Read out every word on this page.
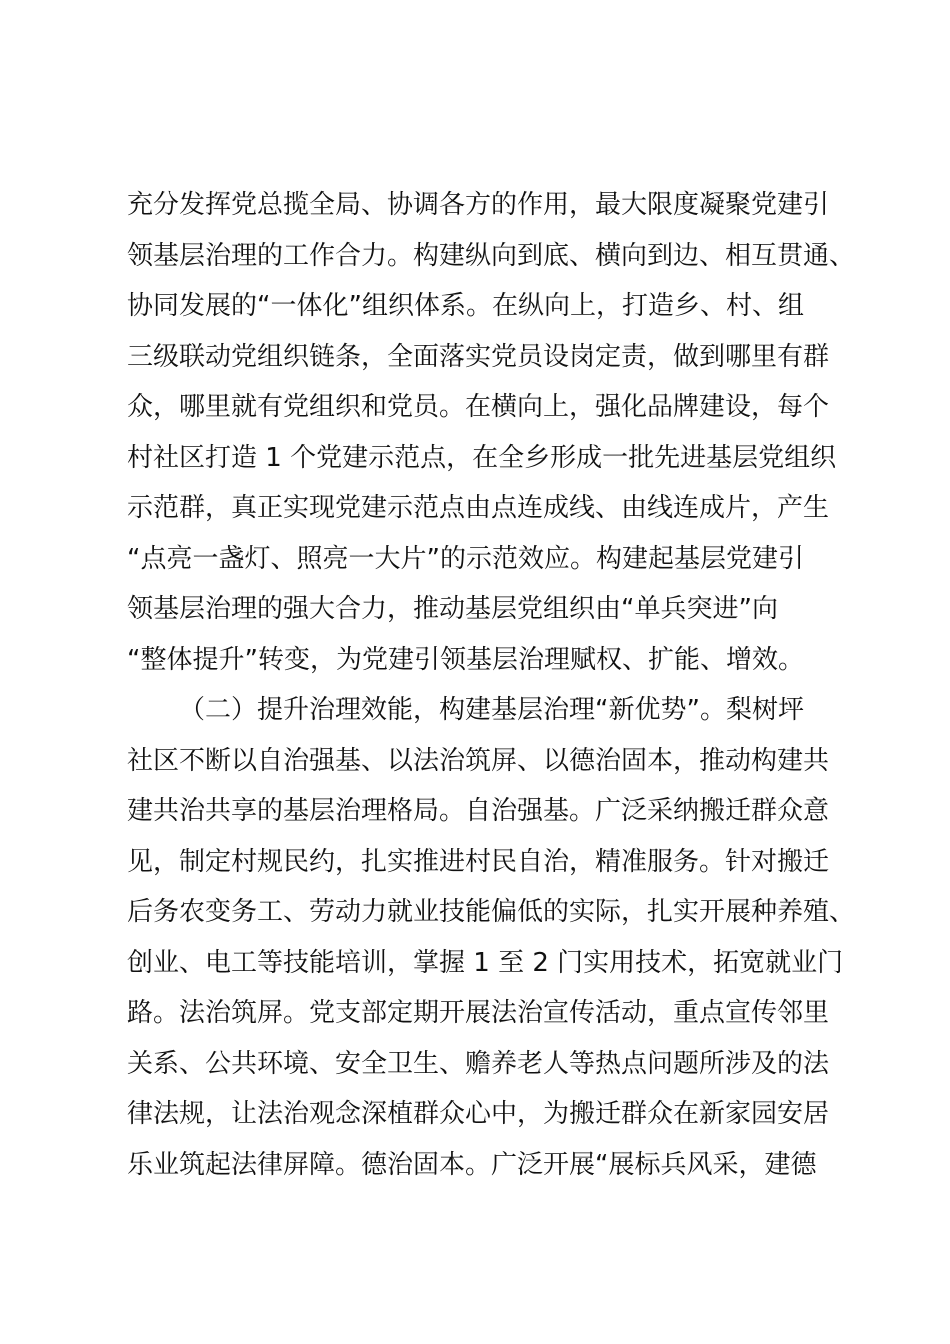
充分发挥党总揽全局、协调各方的作用，最大限度凝聚党建引
领基层治理的工作合力。构建纵向到底、横向到边、相互贯通、
协同发展的“一体化”组织体系。在纵向上，打造乡、村、组
三级联动党组织链条，全面落实党员设岗定责，做到哪里有群
众，哪里就有党组织和党员。在横向上，强化品牌建设，每个
村社区打造 1 个党建示范点，在全乡形成一批先进基层党组织
示范群，真正实现党建示范点由点连成线、由线连成片，产生
“点亮一盏灯、照亮一大片”的示范效应。构建起基层党建引
领基层治理的强大合力，推动基层党组织由“单兵突进”向
“整体提升”转变，为党建引领基层治理赋权、扩能、增效。
（二）提升治理效能，构建基层治理“新优势”。梨树坪
社区不断以自治强基、以法治筑屏、以德治固本，推动构建共
建共治共享的基层治理格局。自治强基。广泛采纳搬迁群众意
见，制定村规民约，扎实推进村民自治，精准服务。针对搬迁
后务农变务工、劳动力就业技能偏低的实际，扎实开展种养殖、
创业、电工等技能培训，掌握 1 至 2 门实用技术，拓宽就业门
路。法治筑屏。党支部定期开展法治宣传活动，重点宣传邻里
关系、公共环境、安全卫生、赡养老人等热点问题所涉及的法
律法规，让法治观念深植群众心中，为搬迁群众在新家园安居
乐业筑起法律屏障。德治固本。广泛开展“展标兵风采，建德
